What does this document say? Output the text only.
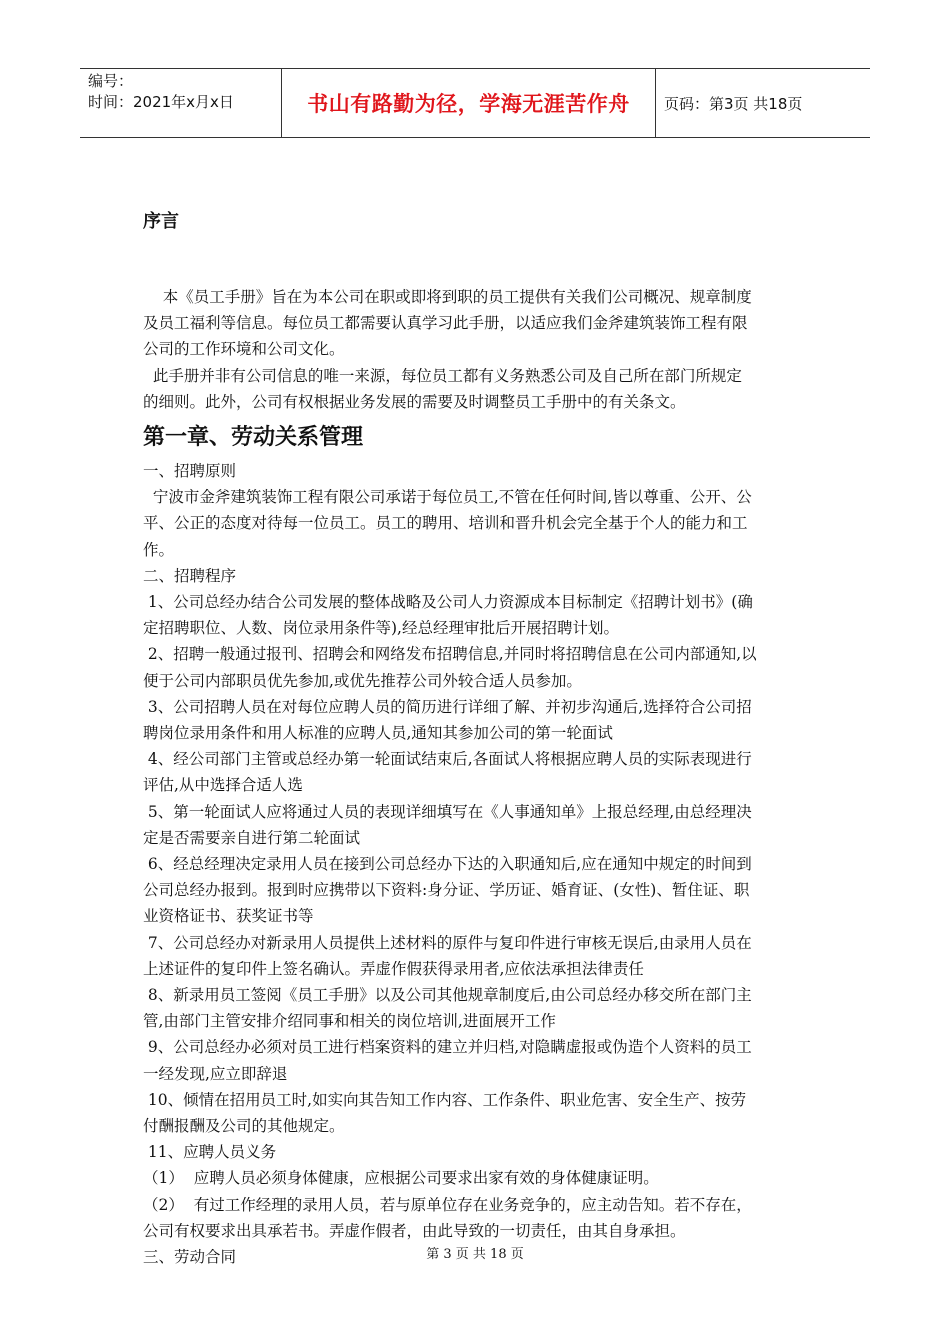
编号：
时间：2021年x月x日	书山有路勤为径，学海无涯苦作舟	页码：第3页 共18页
序言
本《员工手册》旨在为本公司在职或即将到职的员工提供有关我们公司概况、规章制度
及员工福利等信息。每位员工都需要认真学习此手册，以适应我们金斧建筑装饰工程有限
公司的工作环境和公司文化。
此手册并非有公司信息的唯一来源，每位员工都有义务熟悉公司及自己所在部门所规定
的细则。此外，公司有权根据业务发展的需要及时调整员工手册中的有关条文。
第一章、劳动关系管理
一、招聘原则
宁波市金斧建筑装饰工程有限公司承诺于每位员工,不管在任何时间,皆以尊重、公开、公
平、公正的态度对待每一位员工。员工的聘用、培训和晋升机会完全基于个人的能力和工
作。
二、招聘程序
1、公司总经办结合公司发展的整体战略及公司人力资源成本目标制定《招聘计划书》(确
定招聘职位、人数、岗位录用条件等),经总经理审批后开展招聘计划。
2、招聘一般通过报刊、招聘会和网络发布招聘信息,并同时将招聘信息在公司内部通知,以
便于公司内部职员优先参加,或优先推荐公司外较合适人员参加。
3、公司招聘人员在对每位应聘人员的简历进行详细了解、并初步沟通后,选择符合公司招
聘岗位录用条件和用人标准的应聘人员,通知其参加公司的第一轮面试
4、经公司部门主管或总经办第一轮面试结束后,各面试人将根据应聘人员的实际表现进行
评估,从中选择合适人选
5、第一轮面试人应将通过人员的表现详细填写在《人事通知单》上报总经理,由总经理决
定是否需要亲自进行第二轮面试
6、经总经理决定录用人员在接到公司总经办下达的入职通知后,应在通知中规定的时间到
公司总经办报到。报到时应携带以下资料:身分证、学历证、婚育证、(女性)、暂住证、职
业资格证书、获奖证书等
7、公司总经办对新录用人员提供上述材料的原件与复印件进行审核无误后,由录用人员在
上述证件的复印件上签名确认。弄虚作假获得录用者,应依法承担法律责任
8、新录用员工签阅《员工手册》以及公司其他规章制度后,由公司总经办移交所在部门主
管,由部门主管安排介绍同事和相关的岗位培训,进面展开工作
9、公司总经办必须对员工进行档案资料的建立并归档,对隐瞒虚报或伪造个人资料的员工
一经发现,应立即辞退
10、倾情在招用员工时,如实向其告知工作内容、工作条件、职业危害、安全生产、按劳
付酬报酬及公司的其他规定。
11、应聘人员义务
（1）  应聘人员必须身体健康，应根据公司要求出家有效的身体健康证明。
（2）  有过工作经理的录用人员，若与原单位存在业务竞争的，应主动告知。若不存在，
公司有权要求出具承若书。弄虚作假者，由此导致的一切责任，由其自身承担。
三、劳动合同	第 3 页 共 18 页
